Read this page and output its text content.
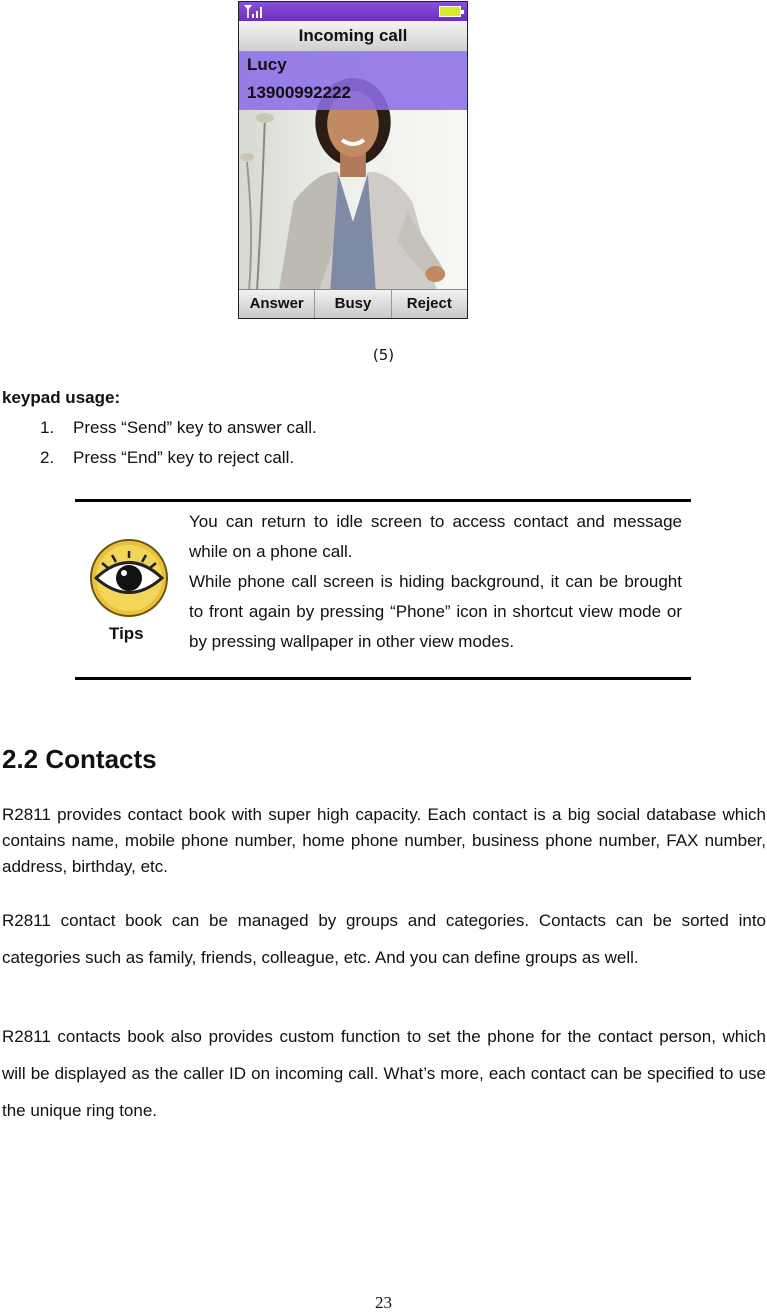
Incoming call
Lucy
13900992222
Answer	Busy	Reject
(5)
keypad usage:
1. Press “Send” key to answer call.
2. Press “End” key to reject call.
Tips

You can return to idle screen to access contact and message while on a phone call.

While phone call screen is hiding background, it can be brought to front again by pressing “Phone” icon in shortcut view mode or by pressing wallpaper in other view modes.

2.2 Contacts

R2811 provides contact book with super high capacity. Each contact is a big social database which contains name, mobile phone number, home phone number, business phone number, FAX number, address, birthday, etc.

R2811 contact book can be managed by groups and categories. Contacts can be sorted into categories such as family, friends, colleague, etc. And you can define groups as well.

R2811 contacts book also provides custom function to set the phone for the contact person, which will be displayed as the caller ID on incoming call. What’s more, each contact can be specified to use the unique ring tone.

23
